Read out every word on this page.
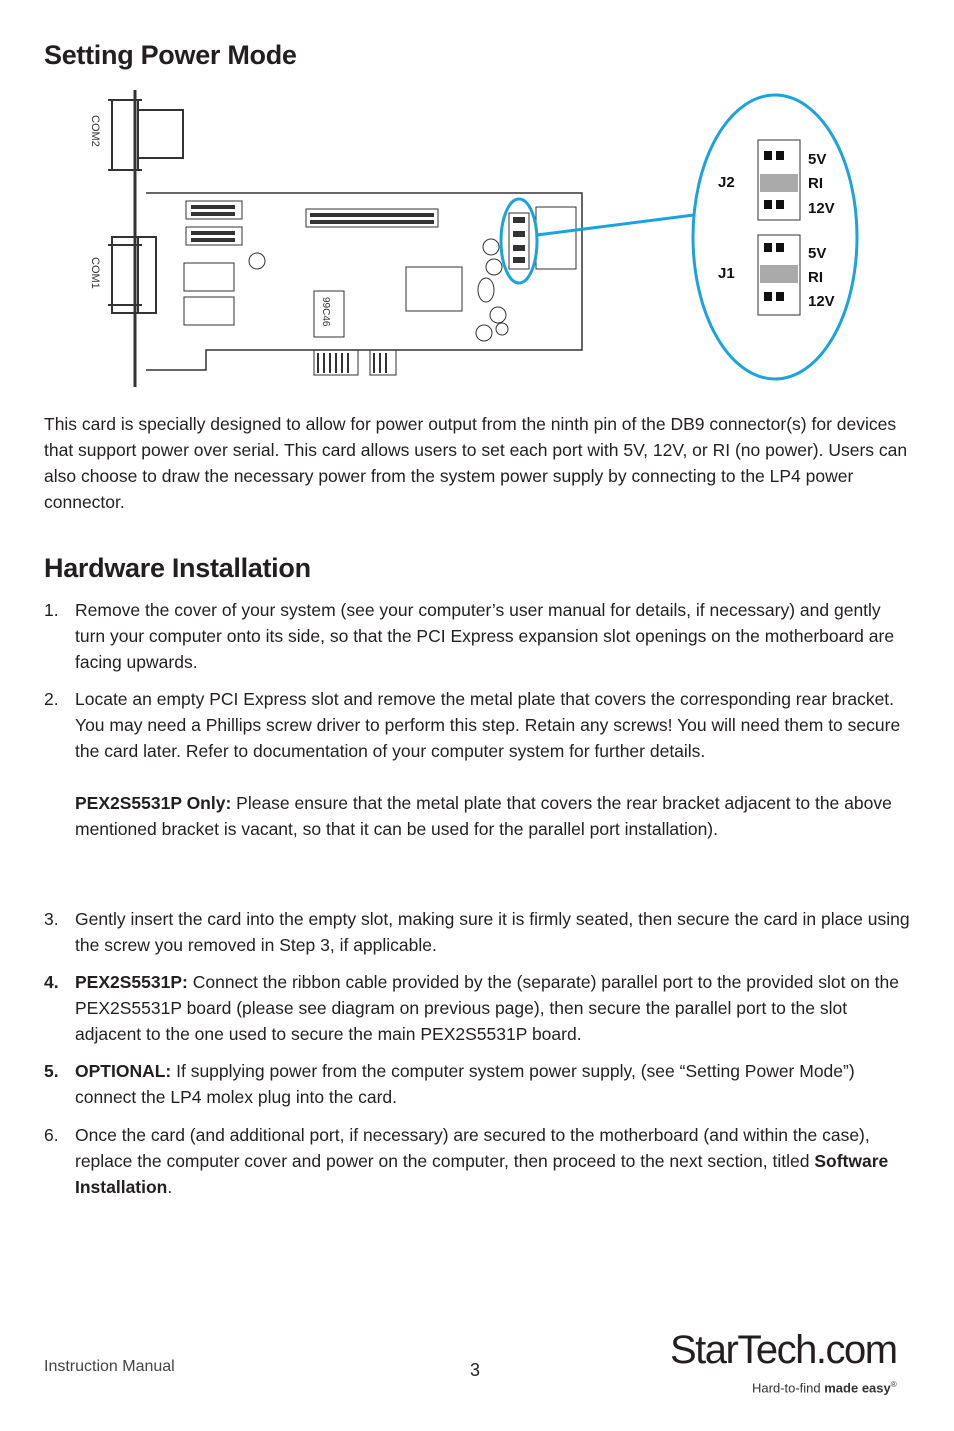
Setting Power Mode
COM2
COM1
99C46
J2
J1
5V
RI
12V
5V
RI
12V

This card is specially designed to allow for power output from the ninth pin of the DB9 connector(s) for devices that support power over serial. This card allows users to set each port with 5V, 12V, or RI (no power). Users can also choose to draw the necessary power from the system power supply by connecting to the LP4 power connector.

Hardware Installation
1. Remove the cover of your system (see your computer’s user manual for details, if necessary) and gently turn your computer onto its side, so that the PCI Express expansion slot openings on the motherboard are facing upwards.
2. Locate an empty PCI Express slot and remove the metal plate that covers the corresponding rear bracket. You may need a Phillips screw driver to perform this step. Retain any screws! You will need them to secure the card later. Refer to documentation of your computer system for further details.
PEX2S5531P Only: Please ensure that the metal plate that covers the rear bracket adjacent to the above mentioned bracket is vacant, so that it can be used for the parallel port installation).
3. Gently insert the card into the empty slot, making sure it is firmly seated, then secure the card in place using the screw you removed in Step 3, if applicable.
4. PEX2S5531P: Connect the ribbon cable provided by the (separate) parallel port to the provided slot on the PEX2S5531P board (please see diagram on previous page), then secure the parallel port to the slot adjacent to the one used to secure the main PEX2S5531P board.
5. OPTIONAL: If supplying power from the computer system power supply, (see “Setting Power Mode”) connect the LP4 molex plug into the card.
6. Once the card (and additional port, if necessary) are secured to the motherboard (and within the case), replace the computer cover and power on the computer, then proceed to the next section, titled Software Installation.
Instruction Manual	3	StarTech.com
Hard-to-find made easy®
